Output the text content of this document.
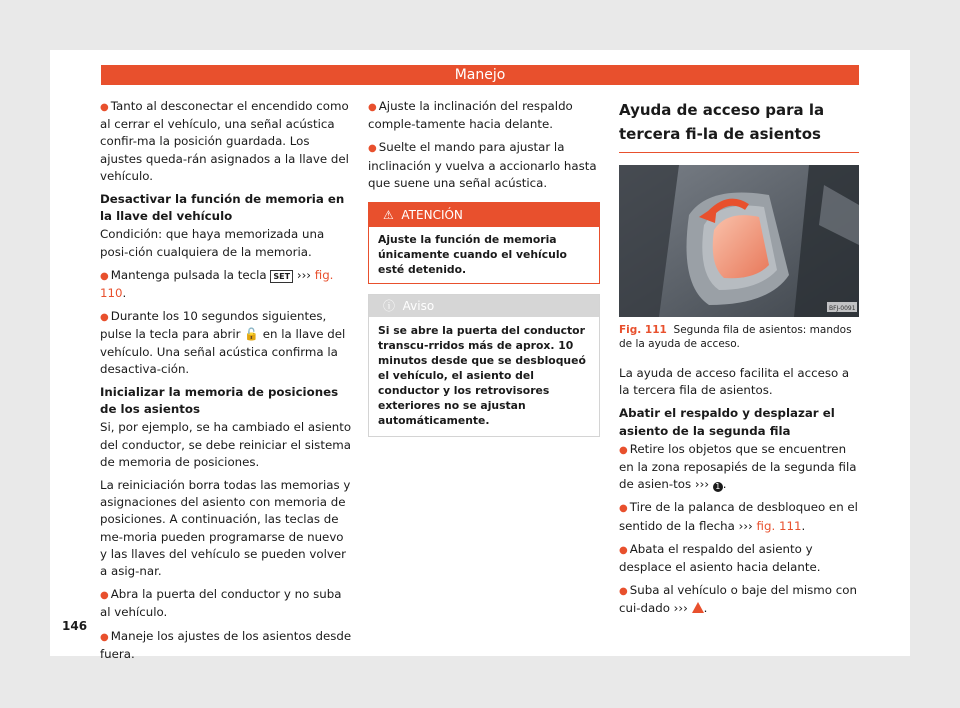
Manejo

● Tanto al desconectar el encendido como al cerrar el vehículo, una señal acústica confir-ma la posición guardada. Los ajustes queda-rán asignados a la llave del vehículo.

Desactivar la función de memoria en la llave del vehículo

Condición: que haya memorizada una posi-ción cualquiera de la memoria.

● Mantenga pulsada la tecla SET ››› fig. 110.

● Durante los 10 segundos siguientes, pulse la tecla para abrir 🔓 en la llave del vehículo. Una señal acústica confirma la desactiva-ción.

Inicializar la memoria de posiciones de los asientos

Si, por ejemplo, se ha cambiado el asiento del conductor, se debe reiniciar el sistema de memoria de posiciones.

La reiniciación borra todas las memorias y asignaciones del asiento con memoria de posiciones. A continuación, las teclas de me-moria pueden programarse de nuevo y las llaves del vehículo se pueden volver a asig-nar.

● Abra la puerta del conductor y no suba al vehículo.

● Maneje los ajustes de los asientos desde fuera.

● Ajuste la inclinación del respaldo comple-tamente hacia delante.

● Suelte el mando para ajustar la inclinación y vuelva a accionarlo hasta que suene una señal acústica.

⚠ ATENCIÓN
Ajuste la función de memoria únicamente cuando el vehículo esté detenido.
ⓘ Aviso
Si se abre la puerta del conductor transcu-rridos más de aprox. 10 minutos desde que se desbloqueó el vehículo, el asiento del conductor y los retrovisores exteriores no se ajustan automáticamente.
Ayuda de acceso para la tercera fi-la de asientos
BFJ-0091
Fig. 111 Segunda fila de asientos: mandos de la ayuda de acceso.

La ayuda de acceso facilita el acceso a la tercera fila de asientos.

Abatir el respaldo y desplazar el asiento de la segunda fila

● Retire los objetos que se encuentren en la zona reposapiés de la segunda fila de asien-tos ››› 1 .

● Tire de la palanca de desbloqueo en el sentido de la flecha ››› fig. 111.

● Abata el respaldo del asiento y desplace el asiento hacia delante.

● Suba al vehículo o baje del mismo con cui-dado ››› .

146
